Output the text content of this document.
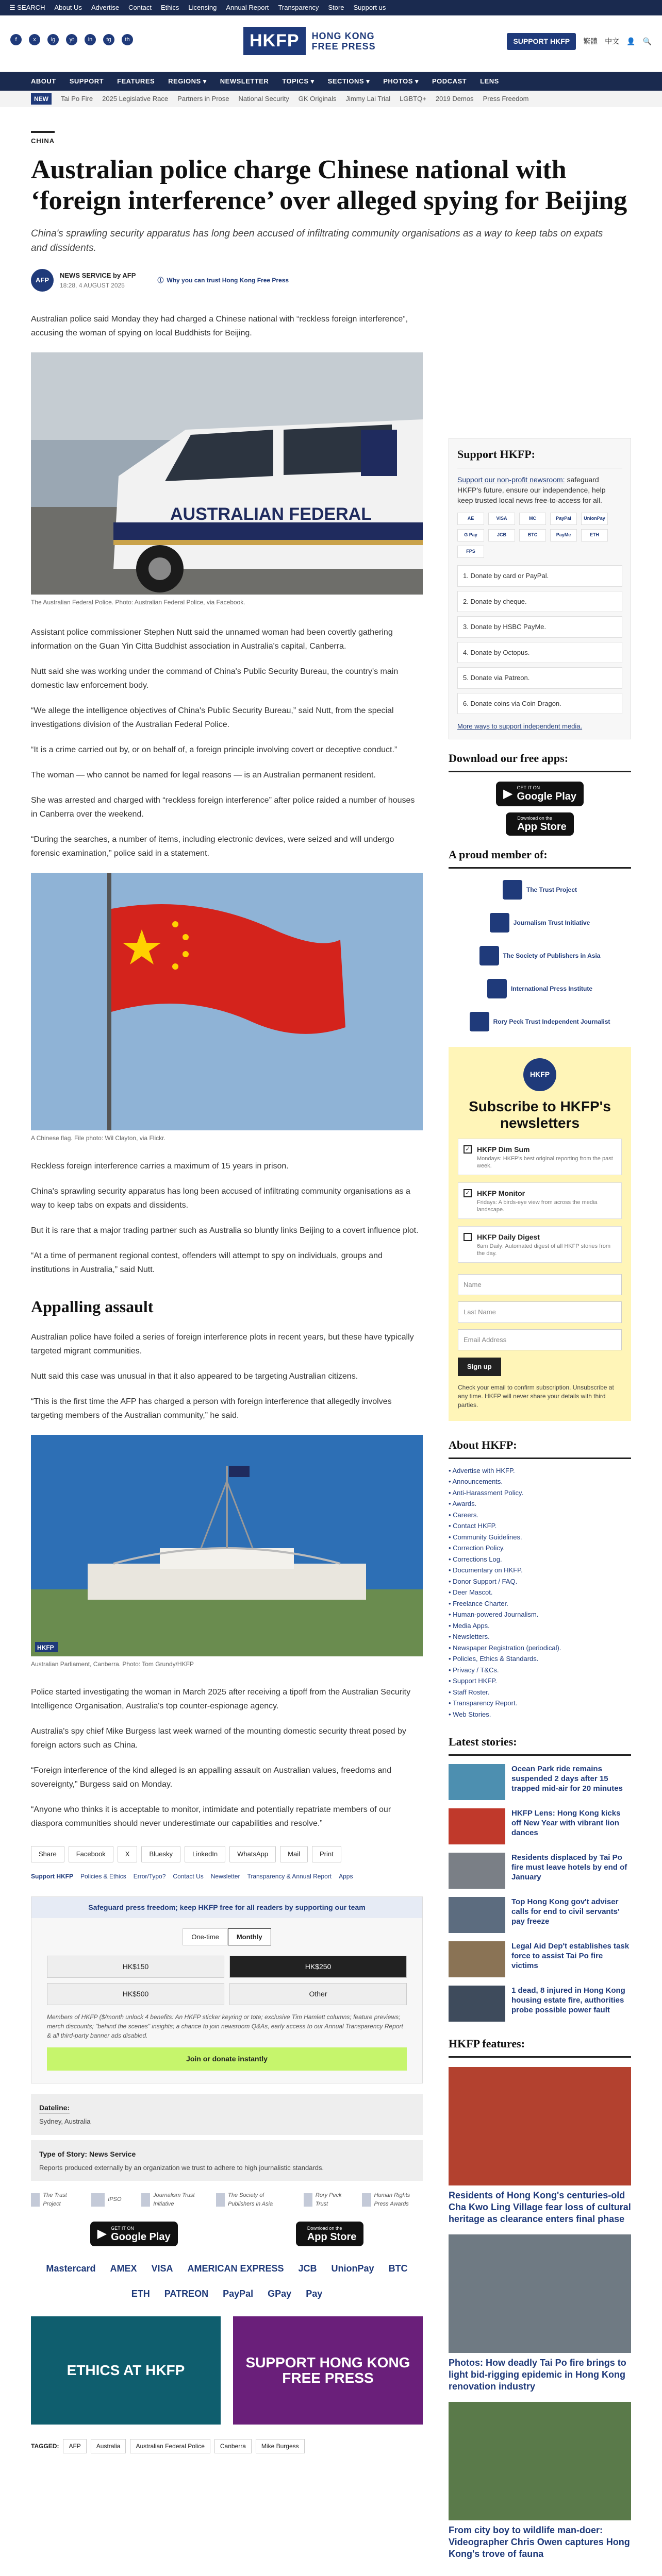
☰ SEARCH About Us Advertise Contact Ethics Licensing Annual Report Transparency Store Support us
f	x	ig	yt	in	tg	th	HKFP	HONG KONG
FREE PRESS	SUPPORT HKFP	繁體 中文 👤 🔍
ABOUT SUPPORT FEATURES REGIONS ▾ NEWSLETTER TOPICS ▾ SECTIONS ▾ PHOTOS ▾ PODCAST LENS
NEW	Tai Po Fire 2025 Legislative Race Partners in Prose National Security GK Originals Jimmy Lai Trial LGBTQ+ 2019 Demos Press Freedom
CHINA
Australian police charge Chinese national with ‘foreign interference’ over alleged spying for Beijing

China's sprawling security apparatus has long been accused of infiltrating community organisations as a way to keep tabs on expats and dissidents.

AFP
NEWS SERVICE by AFP
18:28, 4 AUGUST 2025
ⓘ Why you can trust Hong Kong Free Press

Australian police said Monday they had charged a Chinese national with “reckless foreign interference”, accusing the woman of spying on local Buddhists for Beijing.

AUSTRALIAN FEDERAL
The Australian Federal Police. Photo: Australian Federal Police, via Facebook.

Assistant police commissioner Stephen Nutt said the unnamed woman had been covertly gathering information on the Guan Yin Citta Buddhist association in Australia's capital, Canberra.

Nutt said she was working under the command of China's Public Security Bureau, the country's main domestic law enforcement body.

“We allege the intelligence objectives of China's Public Security Bureau,” said Nutt, from the special investigations division of the Australian Federal Police.

“It is a crime carried out by, or on behalf of, a foreign principle involving covert or deceptive conduct.”

The woman — who cannot be named for legal reasons — is an Australian permanent resident.

She was arrested and charged with “reckless foreign interference” after police raided a number of houses in Canberra over the weekend.

“During the searches, a number of items, including electronic devices, were seized and will undergo forensic examination,” police said in a statement.

A Chinese flag. File photo: Wil Clayton, via Flickr.

Reckless foreign interference carries a maximum of 15 years in prison.

China's sprawling security apparatus has long been accused of infiltrating community organisations as a way to keep tabs on expats and dissidents.

But it is rare that a major trading partner such as Australia so bluntly links Beijing to a covert influence plot.

“At a time of permanent regional contest, offenders will attempt to spy on individuals, groups and institutions in Australia,” said Nutt.

Appalling assault

Australian police have foiled a series of foreign interference plots in recent years, but these have typically targeted migrant communities.

Nutt said this case was unusual in that it also appeared to be targeting Australian citizens.

“This is the first time the AFP has charged a person with foreign interference that allegedly involves targeting members of the Australian community,” he said.

HKFP
Australian Parliament, Canberra. Photo: Tom Grundy/HKFP

Police started investigating the woman in March 2025 after receiving a tipoff from the Australian Security Intelligence Organisation, Australia's top counter-espionage agency.

Australia's spy chief Mike Burgess last week warned of the mounting domestic security threat posed by foreign actors such as China.

“Foreign interference of the kind alleged is an appalling assault on Australian values, freedoms and sovereignty,” Burgess said on Monday.

“Anyone who thinks it is acceptable to monitor, intimidate and potentially repatriate members of our diaspora communities should never underestimate our capabilities and resolve.”

Share	Facebook	X	Bluesky	LinkedIn	WhatsApp	Mail	Print
Support HKFP Policies & Ethics Error/Typo? Contact Us Newsletter Transparency & Annual Report Apps
Safeguard press freedom; keep HKFP free for all readers by supporting our team
One-time	Monthly
HK$150	HK$250
HK$500	Other
Members of HKFP ($/month unlock 4 benefits: An HKFP sticker keyring or tote; exclusive Tim Hamlett columns; feature previews; merch discounts; "behind the scenes" insights; a chance to join newsroom Q&As, early access to our Annual Transparency Report & all third-party banner ads disabled.
Join or donate instantly
Dateline:
Sydney, Australia
Type of Story: News Service
Reports produced externally by an organization we trust to adhere to high journalistic standards.
The Trust Project
IPSO
Journalism Trust Initiative
The Society of Publishers in Asia
Rory Peck Trust
Human Rights Press Awards
▶ GET IT ON
Google Play
Download on the
App Store
Mastercard AMEX VISA AMERICAN EXPRESS JCB UnionPay BTC
ETH PATREON PayPal GPay Pay
ETHICS AT HKFP	SUPPORT HONG KONG FREE PRESS
TAGGED:	AFP	Australia	Australian Federal Police	Canberra	Mike Burgess
Support HKFP:

Support our non-profit newsroom: safeguard HKFP's future, ensure our independence, help keep trusted local news free-to-access for all.

AE	VISA	MC	PayPal	UnionPay
G Pay	JCB	BTC	PayMe	ETH
FPS
1. Donate by card or PayPal.
2. Donate by cheque.
3. Donate by HSBC PayMe.
4. Donate by Octopus.
5. Donate via Patreon.
6. Donate coins via Coin Dragon.
More ways to support independent media.
Download our free apps:
▶ GET IT ON
Google Play
Download on the
App Store
A proud member of:
The Trust Project
Journalism Trust Initiative
The Society of Publishers in Asia
International Press Institute
Rory Peck Trust Independent Journalist
HKFP
Subscribe to HKFP's newsletters
✓ HKFP Dim Sum
Mondays: HKFP's best original reporting from the past week.
✓ HKFP Monitor
Fridays: A birds-eye view from across the media landscape.
HKFP Daily Digest
6am Daily: Automated digest of all HKFP stories from the day.
Name
Last Name
Email Address
Sign up

Check your email to confirm subscription. Unsubscribe at any time. HKFP will never share your details with third parties.

About HKFP:
• Advertise with HKFP.
• Announcements.
• Anti-Harassment Policy.
• Awards.
• Careers.
• Contact HKFP.
• Community Guidelines.
• Correction Policy.
• Corrections Log.
• Documentary on HKFP.
• Donor Support / FAQ.
• Deer Mascot.
• Freelance Charter.
• Human-powered Journalism.
• Media Apps.
• Newsletters.
• Newspaper Registration (periodical).
• Policies, Ethics & Standards.
• Privacy / T&Cs.
• Support HKFP.
• Staff Roster.
• Transparency Report.
• Web Stories.
Latest stories:
Ocean Park ride remains suspended 2 days after 15 trapped mid-air for 20 minutes
HKFP Lens: Hong Kong kicks off New Year with vibrant lion dances
Residents displaced by Tai Po fire must leave hotels by end of January
Top Hong Kong gov't adviser calls for end to civil servants' pay freeze
Legal Aid Dep't establishes task force to assist Tai Po fire victims
1 dead, 8 injured in Hong Kong housing estate fire, authorities probe possible power fault
HKFP features:
Residents of Hong Kong's centuries-old Cha Kwo Ling Village fear loss of cultural heritage as clearance enters final phase
Photos: How deadly Tai Po fire brings to light bid-rigging epidemic in Hong Kong renovation industry
From city boy to wildlife man-doer: Videographer Chris Owen captures Hong Kong's trove of fauna
